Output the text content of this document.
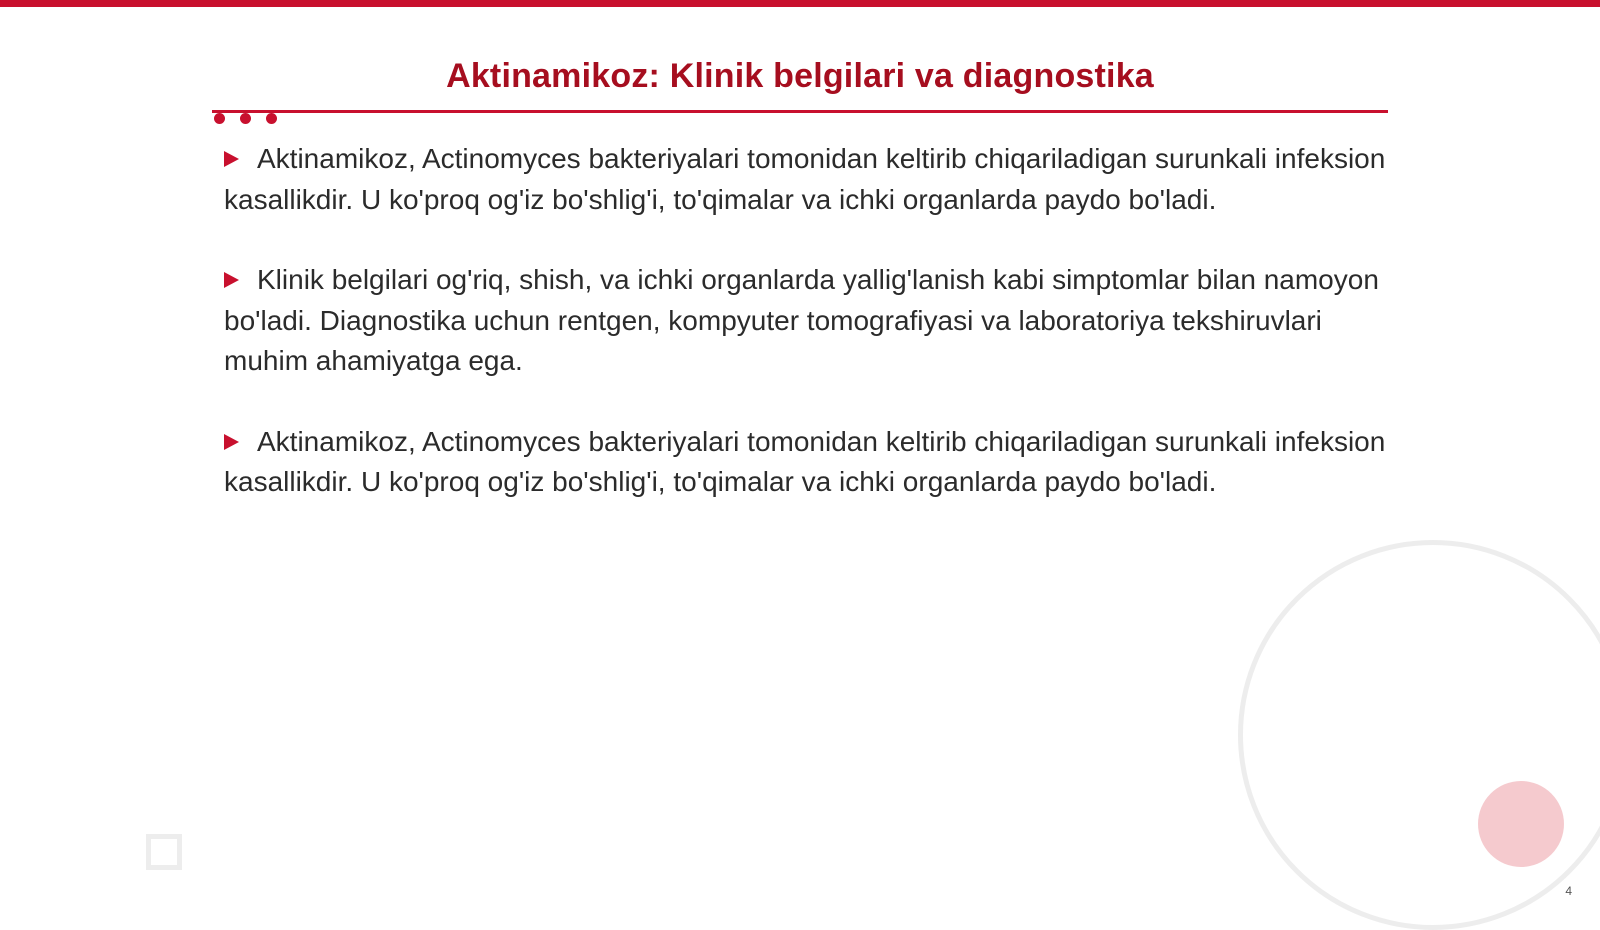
Aktinamikoz: Klinik belgilari va diagnostika
Aktinamikoz, Actinomyces bakteriyalari tomonidan keltirib chiqariladigan surunkali infeksion kasallikdir. U ko'proq og'iz bo'shlig'i, to'qimalar va ichki organlarda paydo bo'ladi.
Klinik belgilari og'riq, shish, va ichki organlarda yallig'lanish kabi simptomlar bilan namoyon bo'ladi. Diagnostika uchun rentgen, kompyuter tomografiyasi va laboratoriya tekshiruvlari muhim ahamiyatga ega.
Aktinamikoz, Actinomyces bakteriyalari tomonidan keltirib chiqariladigan surunkali infeksion kasallikdir. U ko'proq og'iz bo'shlig'i, to'qimalar va ichki organlarda paydo bo'ladi.
4
